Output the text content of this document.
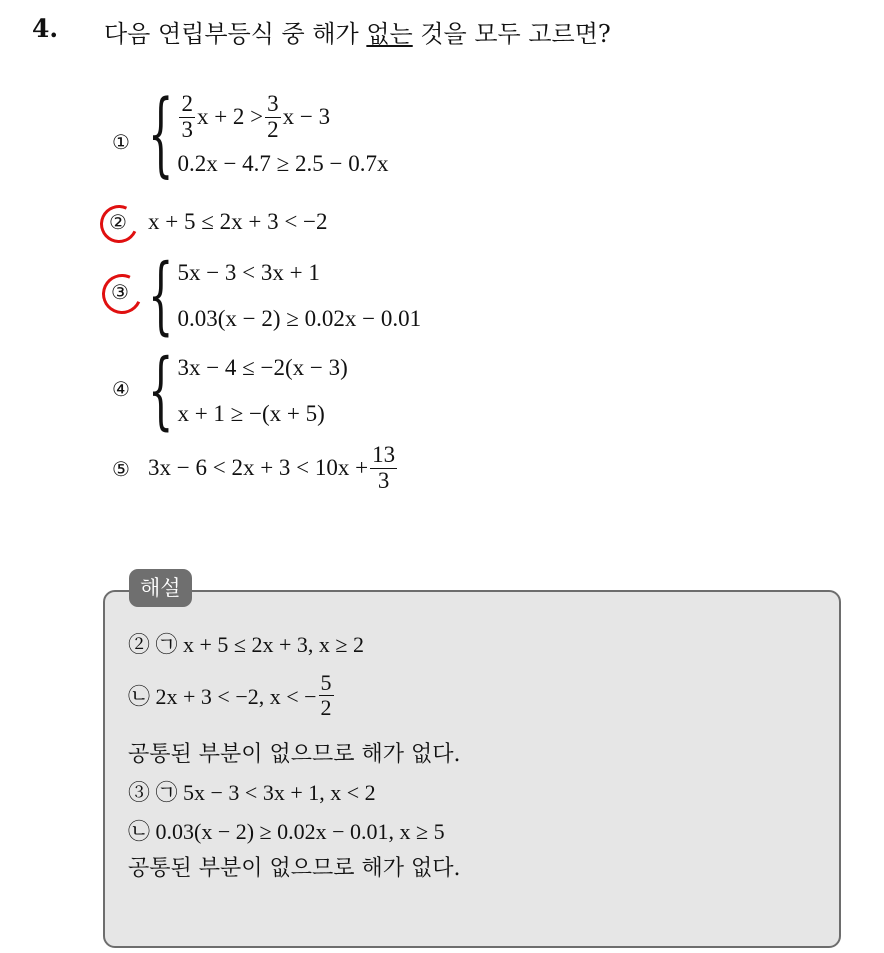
4. 다음 연립부등식 중 해가 없는 것을 모두 고르면?
① { $\frac{2}{3}$ $x + 2 > \frac{3}{2}$ x − 3
0.2x − 4.7 ≥ 2.5 − 0.7x
② x + 5 ≤ 2x + 3 < −2
③ { 5x − 3 < 3x + 1
0.03(x − 2) ≥ 0.02x − 0.01
④ { 3x − 4 ≤ −2(x − 3)
x + 1 ≥ −(x + 5)
⑤ $3x - 6 < 2x + 3 < 10x + \frac{13}{3}$
해설
② ㉠ x + 5 ≤ 2x + 3, x ≥ 2
㉡ 2x + 3 < −2, x < − $\frac{5}{2}$
공통된 부분이 없으므로 해가 없다.
③ ㉠ 5x − 3 < 3x + 1, x < 2
㉡ 0.03(x − 2) ≥ 0.02x − 0.01, x ≥ 5
공통된 부분이 없으므로 해가 없다.
